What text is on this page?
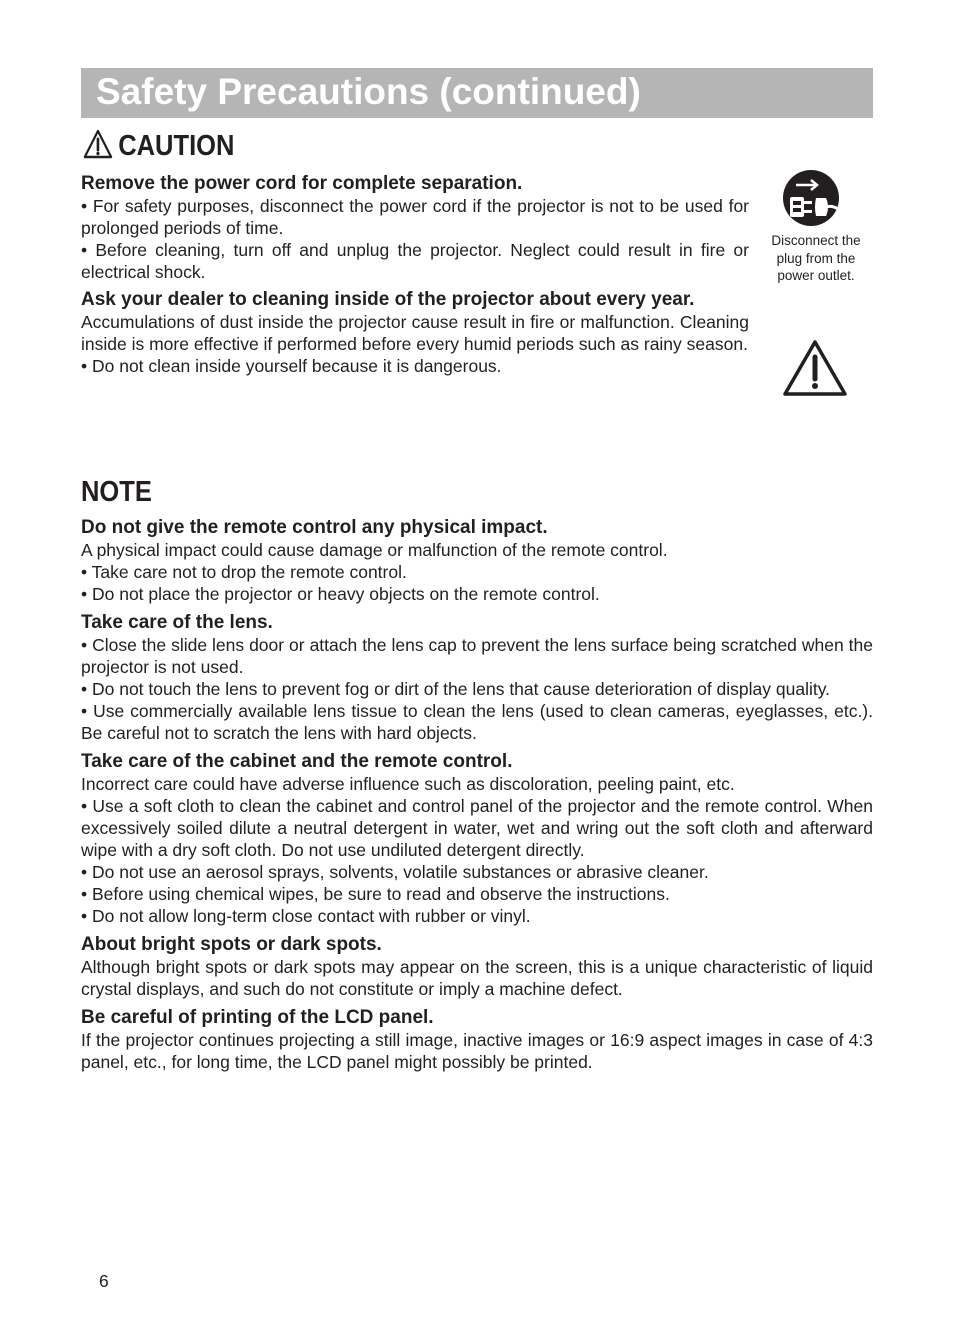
Safety Precautions (continued)
CAUTION

Remove the power cord for complete separation.

• For safety purposes, disconnect the power cord if the projector is not to be used for prolonged periods of time.

• Before cleaning, turn off and unplug the projector. Neglect could result in fire or electrical shock.

Ask your dealer to cleaning inside of the projector about every year.

Accumulations of dust inside the projector cause result in fire or malfunction. Cleaning inside is more effective if performed before every humid periods such as rainy season.

• Do not clean inside yourself because it is dangerous.

Disconnect the plug from the power outlet.
NOTE

Do not give the remote control any physical impact.

A physical impact could cause damage or malfunction of the remote control.

• Take care not to drop the remote control.

• Do not place the projector or heavy objects on the remote control.

Take care of the lens.

• Close the slide lens door or attach the lens cap to prevent the lens surface being scratched when the projector is not used.

• Do not touch the lens to prevent fog or dirt of the lens that cause deterioration of display quality.

• Use commercially available lens tissue to clean the lens (used to clean cameras, eyeglasses, etc.). Be careful not to scratch the lens with hard objects.

Take care of the cabinet and the remote control.

Incorrect care could have adverse influence such as discoloration, peeling paint, etc.

• Use a soft cloth to clean the cabinet and control panel of the projector and the remote control. When excessively soiled dilute a neutral detergent in water, wet and wring out the soft cloth and afterward wipe with a dry soft cloth. Do not use undiluted detergent directly.

• Do not use an aerosol sprays, solvents, volatile substances or abrasive cleaner.

• Before using chemical wipes, be sure to read and observe the instructions.

• Do not allow long-term close contact with rubber or vinyl.

About bright spots or dark spots.

Although bright spots or dark spots may appear on the screen, this is a unique characteristic of liquid crystal displays, and such do not constitute or imply a machine defect.

Be careful of printing of the LCD panel.

If the projector continues projecting a still image, inactive images or 16:9 aspect images in case of 4:3 panel, etc., for long time, the LCD panel might possibly be printed.

6
